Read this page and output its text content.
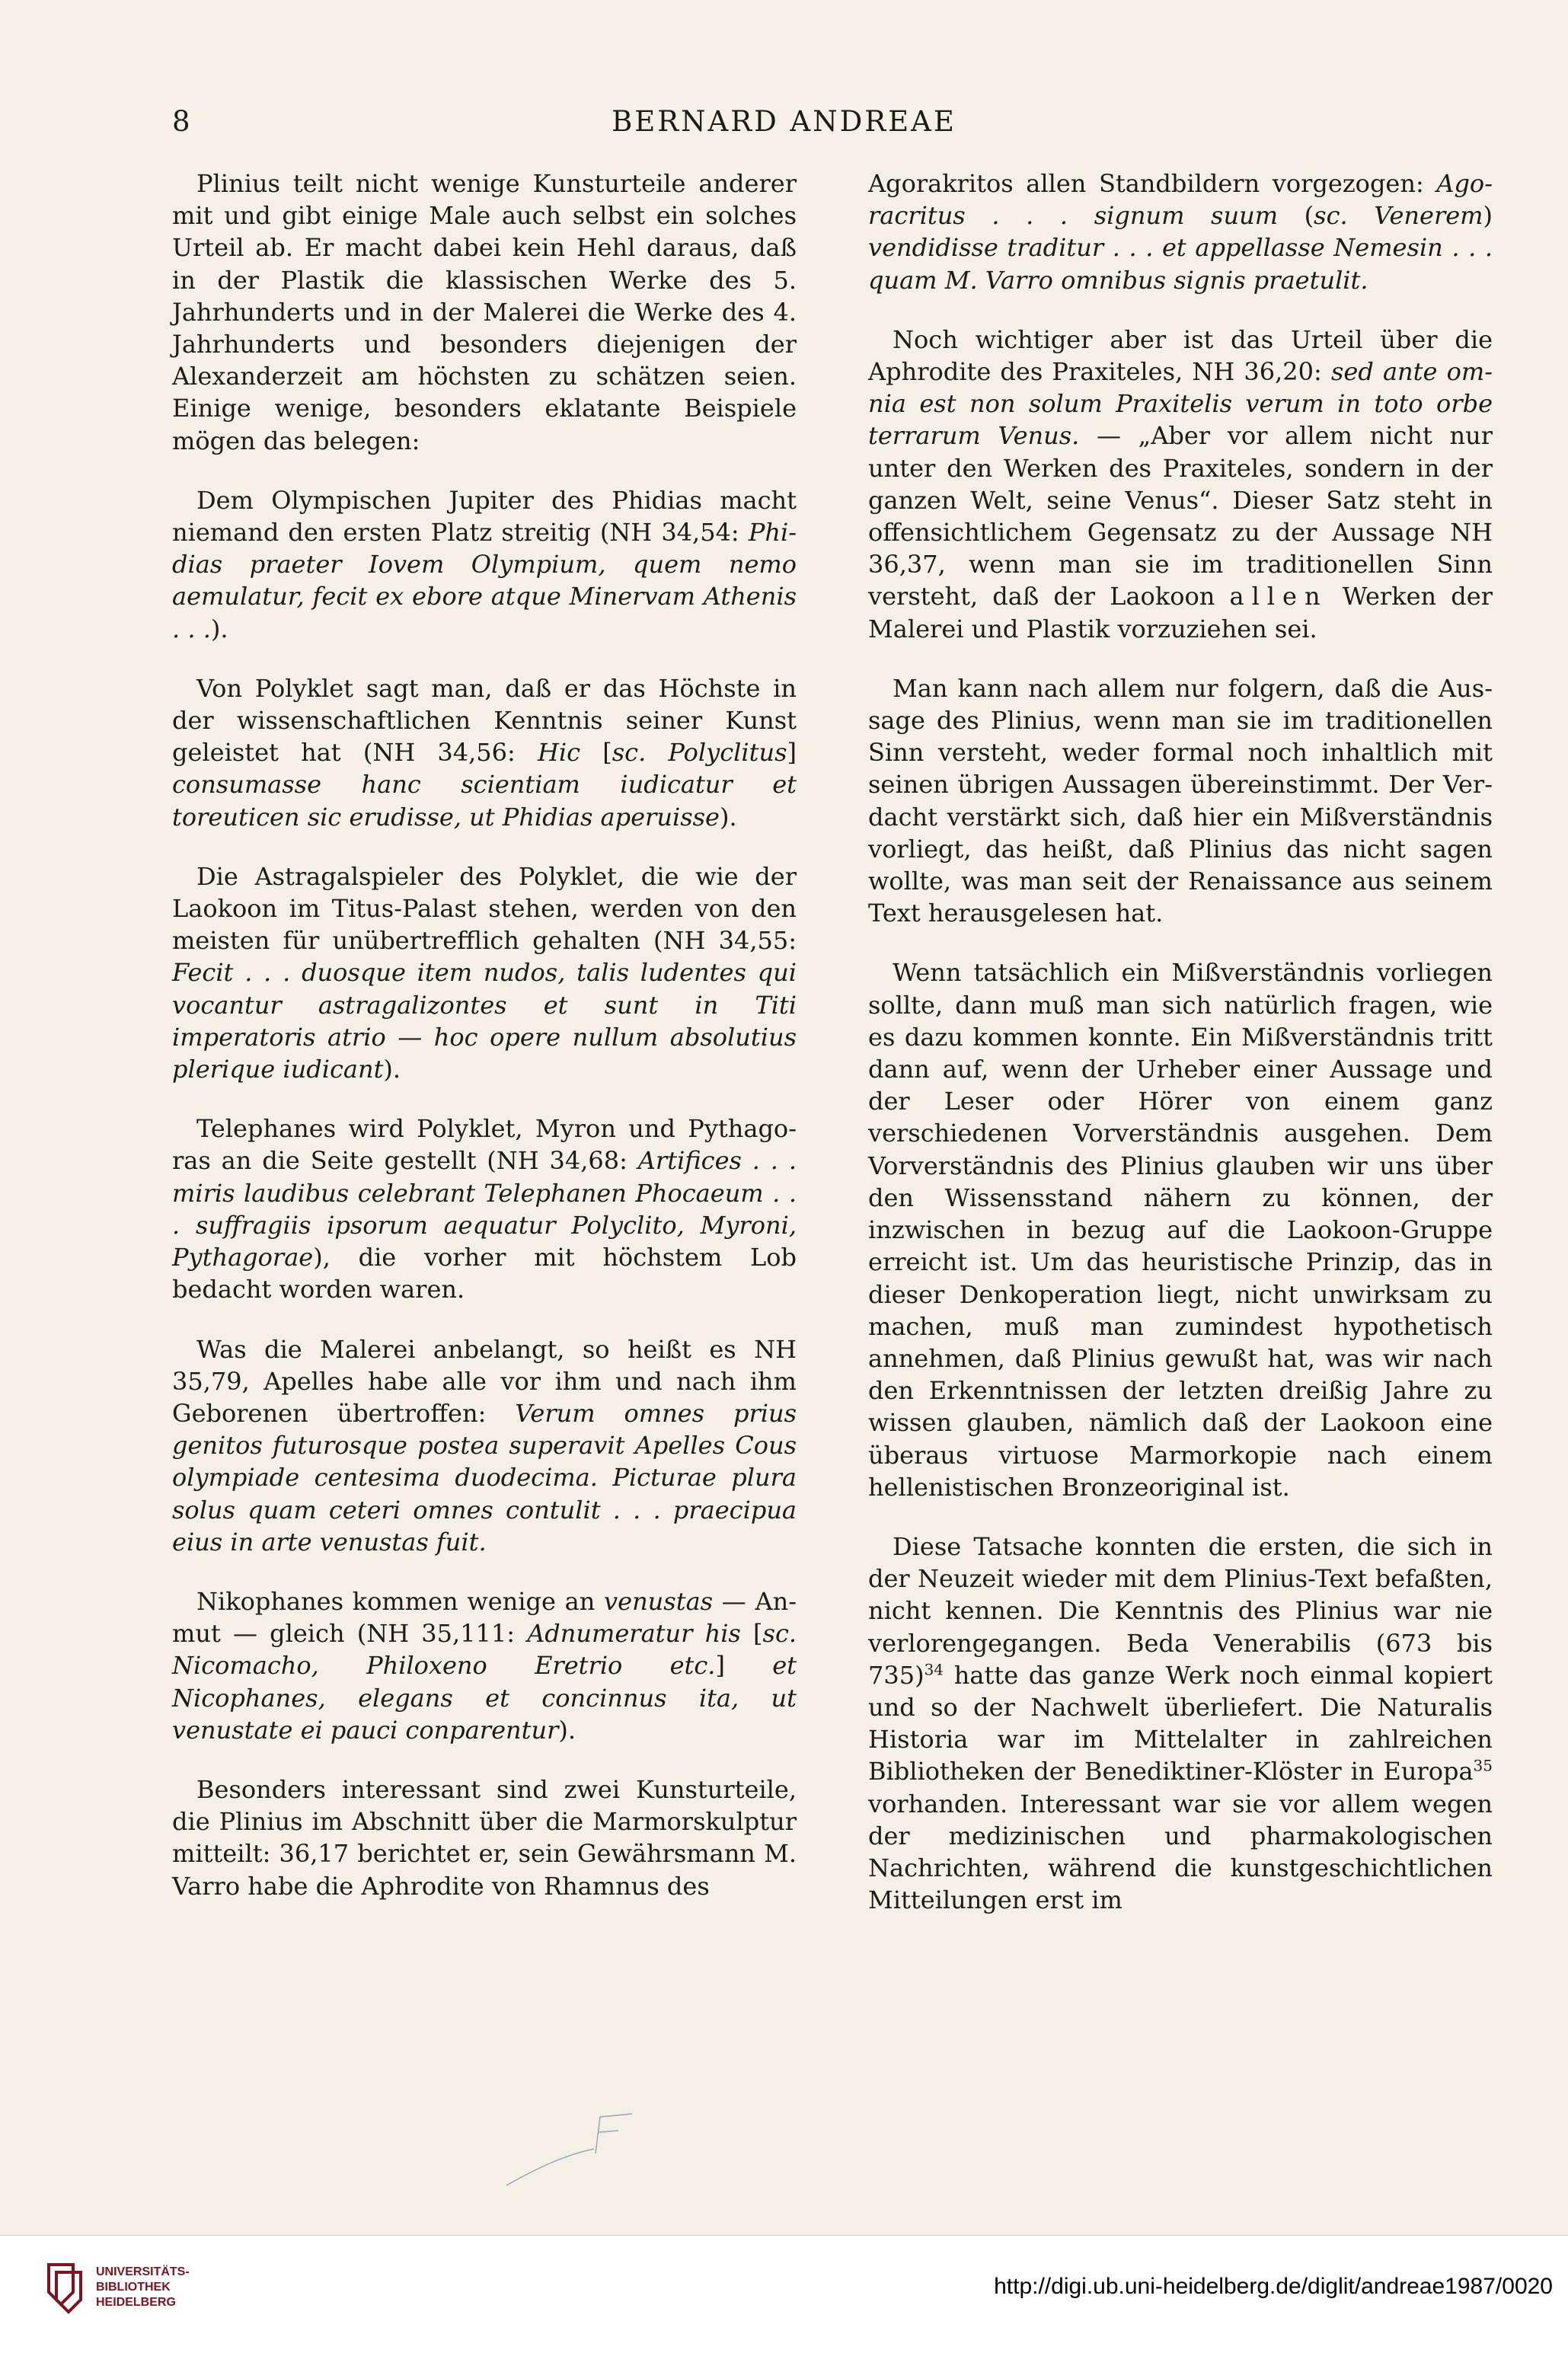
8	BERNARD ANDREAE

Plinius teilt nicht wenige Kunsturteile anderer mit und gibt einige Male auch selbst ein solches Urteil ab. Er macht dabei kein Hehl daraus, daß in der Plastik die klassischen Werke des 5. Jahrhunderts und in der Malerei die Werke des 4. Jahrhunderts und besonders diejenigen der Alexanderzeit am höchsten zu schätzen seien. Einige wenige, besonders eklatante Beispiele mögen das belegen:

Dem Olympischen Jupiter des Phidias macht niemand den ersten Platz streitig (NH 34,54: Phidias praeter Iovem Olympium, quem nemo aemulatur, fecit ex ebore atque Minervam Athenis . . .).

Von Polyklet sagt man, daß er das Höchste in der wissenschaftlichen Kenntnis seiner Kunst geleistet hat (NH 34,56: Hic [sc. Polyclitus] consumasse hanc scientiam iudicatur et toreuticen sic erudisse, ut Phidias aperuisse).

Die Astragalspieler des Polyklet, die wie der Laokoon im Titus-Palast stehen, werden von den meisten für unübertrefflich gehalten (NH 34,55: Fecit . . . duosque item nudos, talis ludentes qui vocantur astragalizontes et sunt in Titi imperatoris atrio — hoc opere nullum absolutius plerique iudicant).

Telephanes wird Polyklet, Myron und Pythagoras an die Seite gestellt (NH 34,68: Artifices . . . miris laudibus celebrant Telephanen Phocaeum . . . suffragiis ipsorum aequatur Polyclito, Myroni, Pythagorae), die vorher mit höchstem Lob bedacht worden waren.

Was die Malerei anbelangt, so heißt es NH 35,79, Apelles habe alle vor ihm und nach ihm Geborenen übertroffen: Verum omnes prius genitos futurosque postea superavit Apelles Cous olympiade centesima duodecima. Picturae plura solus quam ceteri omnes contulit . . . praecipua eius in arte venustas fuit.

Nikophanes kommen wenige an venustas — Anmut — gleich (NH 35,111: Adnumeratur his [sc. Nicomacho, Philoxeno Eretrio etc.] et Nicophanes, elegans et concinnus ita, ut venustate ei pauci conparentur).

Besonders interessant sind zwei Kunsturteile, die Plinius im Abschnitt über die Marmorskulptur mitteilt: 36,17 berichtet er, sein Gewährsmann M. Varro habe die Aphrodite von Rhamnus des

Agorakritos allen Standbildern vorgezogen: Agoracritus . . . signum suum (sc. Venerem) vendidisse traditur . . . et appellasse Nemesin . . . quam M. Varro omnibus signis praetulit.

Noch wichtiger aber ist das Urteil über die Aphrodite des Praxiteles, NH 36,20: sed ante omnia est non solum Praxitelis verum in toto orbe terrarum Venus. — „Aber vor allem nicht nur unter den Werken des Praxiteles, sondern in der ganzen Welt, seine Venus“. Dieser Satz steht in offensichtlichem Gegensatz zu der Aussage NH 36,37, wenn man sie im traditionellen Sinn versteht, daß der Laokoon allen Werken der Malerei und Plastik vorzuziehen sei.

Man kann nach allem nur folgern, daß die Aussage des Plinius, wenn man sie im traditionellen Sinn versteht, weder formal noch inhaltlich mit seinen übrigen Aussagen übereinstimmt. Der Verdacht verstärkt sich, daß hier ein Mißverständnis vorliegt, das heißt, daß Plinius das nicht sagen wollte, was man seit der Renaissance aus seinem Text herausgelesen hat.

Wenn tatsächlich ein Mißverständnis vorliegen sollte, dann muß man sich natürlich fragen, wie es dazu kommen konnte. Ein Mißverständnis tritt dann auf, wenn der Urheber einer Aussage und der Leser oder Hörer von einem ganz verschiedenen Vorverständnis ausgehen. Dem Vorverständnis des Plinius glauben wir uns über den Wissensstand nähern zu können, der inzwischen in bezug auf die Laokoon-Gruppe erreicht ist. Um das heuristische Prinzip, das in dieser Denkoperation liegt, nicht unwirksam zu machen, muß man zumindest hypothetisch annehmen, daß Plinius gewußt hat, was wir nach den Erkenntnissen der letzten dreißig Jahre zu wissen glauben, nämlich daß der Laokoon eine überaus virtuose Marmorkopie nach einem hellenistischen Bronzeoriginal ist.

Diese Tatsache konnten die ersten, die sich in der Neuzeit wieder mit dem Plinius-Text befaßten, nicht kennen. Die Kenntnis des Plinius war nie verlorengegangen. Beda Venerabilis (673 bis 735)$^{34}$ hatte das ganze Werk noch einmal kopiert und so der Nachwelt überliefert. Die Naturalis Historia war im Mittelalter in zahlreichen Bibliotheken der Benediktiner-Klöster in Europa$^{35}$ vorhanden. Interessant war sie vor allem wegen der medizinischen und pharmakologischen Nachrichten, während die kunstgeschichtlichen Mitteilungen erst im

UNIVERSITÄTS-
BIBLIOTHEK
HEIDELBERG
http://digi.ub.uni-heidelberg.de/diglit/andreae1987/0020
